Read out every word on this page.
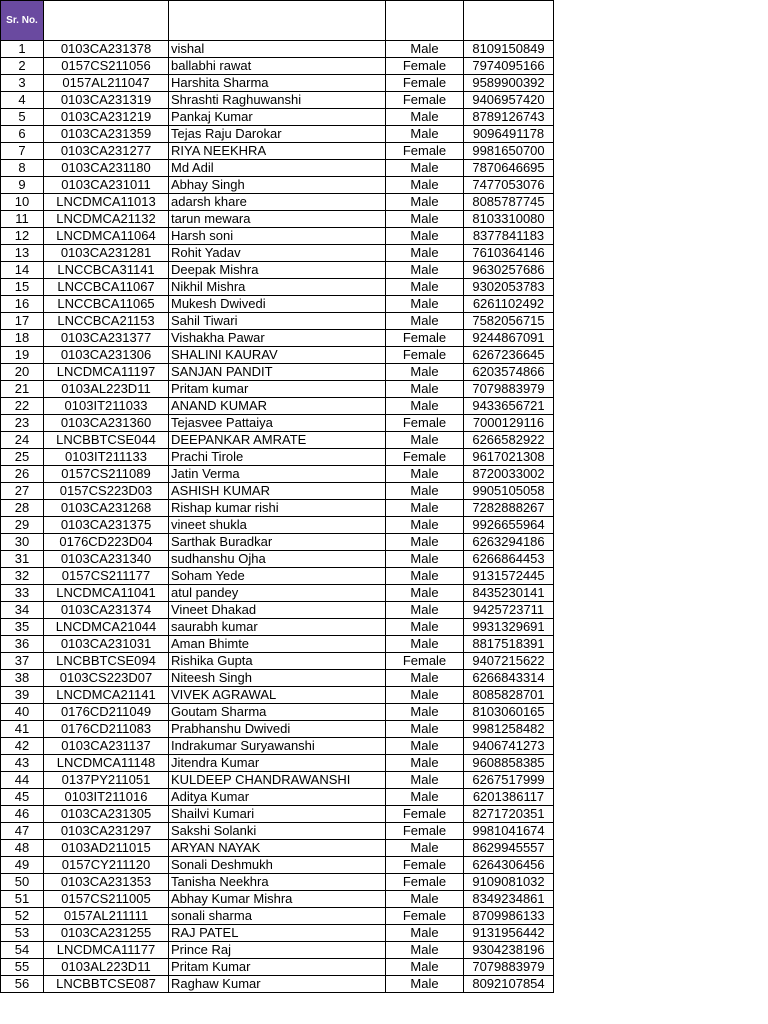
Sr. No.				
1	0103CA231378	vishal	Male	8109150849
2	0157CS211056	ballabhi rawat	Female	7974095166
3	0157AL211047	Harshita Sharma	Female	9589900392
4	0103CA231319	Shrashti Raghuwanshi	Female	9406957420
5	0103CA231219	Pankaj Kumar	Male	8789126743
6	0103CA231359	Tejas Raju Darokar	Male	9096491178
7	0103CA231277	RIYA NEEKHRA	Female	9981650700
8	0103CA231180	Md Adil	Male	7870646695
9	0103CA231011	Abhay Singh	Male	7477053076
10	LNCDMCA11013	adarsh khare	Male	8085787745
11	LNCDMCA21132	tarun mewara	Male	8103310080
12	LNCDMCA11064	Harsh soni	Male	8377841183
13	0103CA231281	Rohit Yadav	Male	7610364146
14	LNCCBCA31141	Deepak Mishra	Male	9630257686
15	LNCCBCA11067	Nikhil Mishra	Male	9302053783
16	LNCCBCA11065	Mukesh Dwivedi	Male	6261102492
17	LNCCBCA21153	Sahil Tiwari	Male	7582056715
18	0103CA231377	Vishakha Pawar	Female	9244867091
19	0103CA231306	SHALINI KAURAV	Female	6267236645
20	LNCDMCA11197	SANJAN PANDIT	Male	6203574866
21	0103AL223D11	Pritam kumar	Male	7079883979
22	0103IT211033	ANAND KUMAR	Male	9433656721
23	0103CA231360	Tejasvee Pattaiya	Female	7000129116
24	LNCBBTCSE044	DEEPANKAR AMRATE	Male	6266582922
25	0103IT211133	Prachi Tirole	Female	9617021308
26	0157CS211089	Jatin Verma	Male	8720033002
27	0157CS223D03	ASHISH KUMAR	Male	9905105058
28	0103CA231268	Rishap kumar rishi	Male	7282888267
29	0103CA231375	vineet shukla	Male	9926655964
30	0176CD223D04	Sarthak Buradkar	Male	6263294186
31	0103CA231340	sudhanshu Ojha	Male	6266864453
32	0157CS211177	Soham Yede	Male	9131572445
33	LNCDMCA11041	atul pandey	Male	8435230141
34	0103CA231374	Vineet Dhakad	Male	9425723711
35	LNCDMCA21044	saurabh kumar	Male	9931329691
36	0103CA231031	Aman Bhimte	Male	8817518391
37	LNCBBTCSE094	Rishika Gupta	Female	9407215622
38	0103CS223D07	Niteesh Singh	Male	6266843314
39	LNCDMCA21141	VIVEK AGRAWAL	Male	8085828701
40	0176CD211049	Goutam Sharma	Male	8103060165
41	0176CD211083	Prabhanshu Dwivedi	Male	9981258482
42	0103CA231137	Indrakumar Suryawanshi	Male	9406741273
43	LNCDMCA11148	Jitendra Kumar	Male	9608858385
44	0137PY211051	KULDEEP CHANDRAWANSHI	Male	6267517999
45	0103IT211016	Aditya Kumar	Male	6201386117
46	0103CA231305	Shailvi Kumari	Female	8271720351
47	0103CA231297	Sakshi Solanki	Female	9981041674
48	0103AD211015	ARYAN NAYAK	Male	8629945557
49	0157CY211120	Sonali Deshmukh	Female	6264306456
50	0103CA231353	Tanisha Neekhra	Female	9109081032
51	0157CS211005	Abhay Kumar Mishra	Male	8349234861
52	0157AL211111	sonali sharma	Female	8709986133
53	0103CA231255	RAJ PATEL	Male	9131956442
54	LNCDMCA11177	Prince Raj	Male	9304238196
55	0103AL223D11	Pritam Kumar	Male	7079883979
56	LNCBBTCSE087	Raghaw Kumar	Male	8092107854
